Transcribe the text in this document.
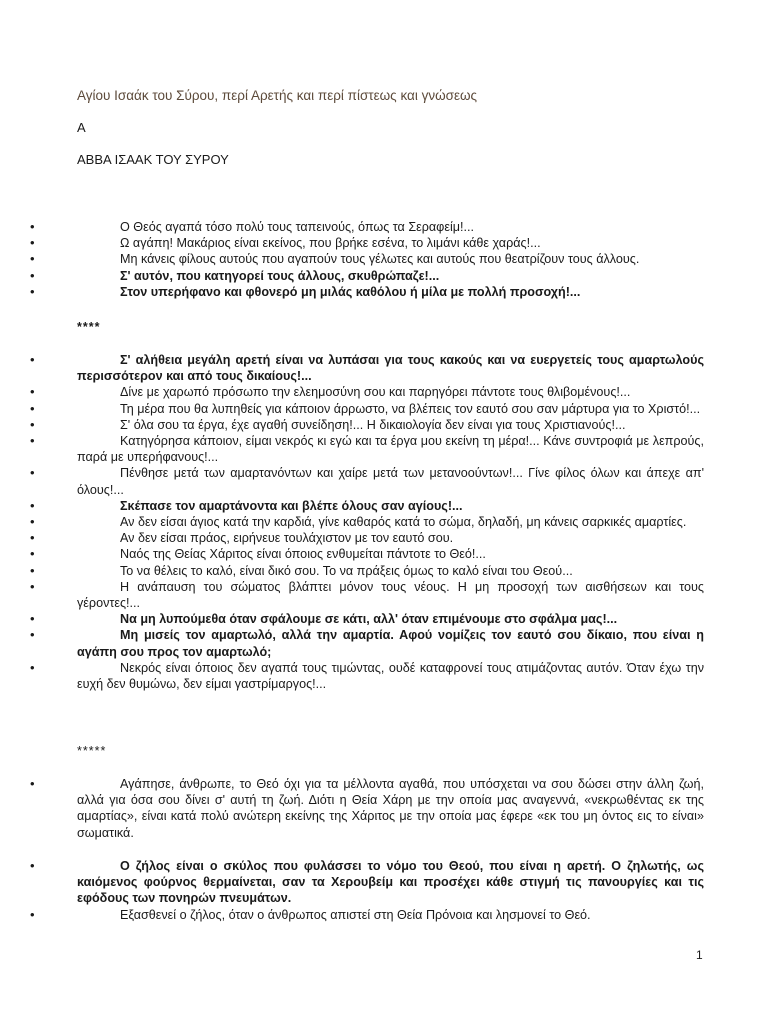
Αγίου Ισαάκ του Σύρου, περί Αρετής και περί πίστεως και γνώσεως
Α
ΑΒΒΑ ΙΣΑΑΚ ΤΟΥ ΣΥΡΟΥ
•	Ο Θεός αγαπά τόσο πολύ τους ταπεινούς, όπως τα Σεραφείμ!...
•	Ω αγάπη! Μακάριος είναι εκείνος, που βρήκε εσένα, το λιμάνι κάθε χαράς!...
•	Μη κάνεις φίλους αυτούς που αγαπούν τους γέλωτες και αυτούς που θεατρίζουν τους άλλους.
•	Σ' αυτόν, που κατηγορεί τους άλλους, σκυθρώπαζε!...
•	Στον υπερήφανο και φθονερό μη μιλάς καθόλου ή μίλα με πολλή προσοχή!...
****
•	Σ' αλήθεια μεγάλη αρετή είναι να λυπάσαι για τους κακούς και να ευεργετείς τους αμαρτωλούς περισσότερον και από τους δικαίους!...
•	Δίνε με χαρωπό πρόσωπο την ελεημοσύνη σου και παρηγόρει πάντοτε τους θλιβομένους!...
•	Τη μέρα που θα λυπηθείς για κάποιον άρρωστο, να βλέπεις τον εαυτό σου σαν μάρτυρα για το Χριστό!...
•	Σ' όλα σου τα έργα, έχε αγαθή συνείδηση!... Η δικαιολογία δεν είναι για τους Χριστιανούς!...
•	Κατηγόρησα κάποιον, είμαι νεκρός κι εγώ και τα έργα μου εκείνη τη μέρα!... Κάνε συντροφιά με λεπρούς, παρά με υπερήφανους!...
•	Πένθησε μετά των αμαρτανόντων και χαίρε μετά των μετανοούντων!... Γίνε φίλος όλων και άπεχε απ' όλους!...
•	Σκέπασε τον αμαρτάνοντα και βλέπε όλους σαν αγίους!...
•	Αν δεν είσαι άγιος κατά την καρδιά, γίνε καθαρός κατά το σώμα, δηλαδή, μη κάνεις σαρκικές αμαρτίες.
•	Αν δεν είσαι πράος, ειρήνευε τουλάχιστον με τον εαυτό σου.
•	Ναός της Θείας Χάριτος είναι όποιος ενθυμείται πάντοτε το Θεό!...
•	Το να θέλεις το καλό, είναι δικό σου. Το να πράξεις όμως το καλό είναι του Θεού...
•	Η ανάπαυση του σώματος βλάπτει μόνον τους νέους. Η μη προσοχή των αισθήσεων και τους γέροντες!...
•	Να μη λυπούμεθα όταν σφάλουμε σε κάτι, αλλ' όταν επιμένουμε στο σφάλμα μας!...
•	Μη μισείς τον αμαρτωλό, αλλά την αμαρτία. Αφού νομίζεις τον εαυτό σου δίκαιο, που είναι η αγάπη σου προς τον αμαρτωλό;
•	Νεκρός είναι όποιος δεν αγαπά τους τιμώντας, ουδέ καταφρονεί τους ατιμάζοντας αυτόν. Όταν έχω την ευχή δεν θυμώνω, δεν είμαι γαστρίμαργος!...
*****
•	Αγάπησε, άνθρωπε, το Θεό όχι για τα μέλλοντα αγαθά, που υπόσχεται να σου δώσει στην άλλη ζωή, αλλά για όσα σου δίνει σ' αυτή τη ζωή. Διότι η Θεία Χάρη με την οποία μας αναγεννά, «νεκρωθέντας εκ της αμαρτίας», είναι κατά πολύ ανώτερη εκείνης της Χάριτος με την οποία μας έφερε «εκ του μη όντος εις το είναι» σωματικά.
•	Ο ζήλος είναι ο σκύλος που φυλάσσει το νόμο του Θεού, που είναι η αρετή. Ο ζηλωτής, ως καιόμενος φούρνος θερμαίνεται, σαν τα Χερουβείμ και προσέχει κάθε στιγμή τις πανουργίες και τις εφόδους των πονηρών πνευμάτων.
•	Εξασθενεί ο ζήλος, όταν ο άνθρωπος απιστεί στη Θεία Πρόνοια και λησμονεί το Θεό.
1
